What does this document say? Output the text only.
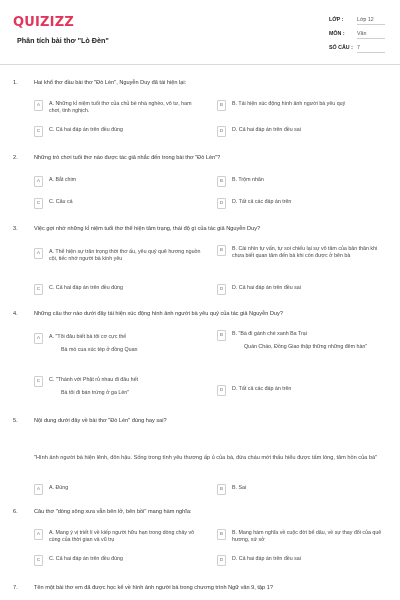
QUIZIZZ
Phân tích bài thơ "Lò Đèn"
LỚP :	Lớp 12
MÔN : Văn
SỐ CÂU : 7
1.	Hai khổ thơ đầu bài thơ "Đò Lèn", Nguyễn Duy đã tái hiện lại:
A	A. Những kỉ niệm tuổi thơ của chủ bè nhà nghèo, vô tư, ham chơi, tinh nghịch.
B	B. Tái hiện xúc động hình ảnh người bà yêu quý
C	C. Cả hai đáp án trên đều đúng	D	D. Cả hai đáp án trên đều sai
2.	Những trò chơi tuổi thơ nào được tác giả nhắc đến trong bài thơ "Đò Lèn"?
A	A. Bắt chim	B	B. Trộm nhãn
C	C. Câu cá	D	D. Tất cả các đáp án trên
3.	Việc gợi nhớ những kỉ niệm tuổi thơ thể hiện tâm trạng, thái độ gì của tác giả Nguyễn Duy?
A	A. Thể hiện sự trân trọng thời thơ ấu, yêu quý quê hương nguồn cội, tiếc nhớ người bà kính yêu
B	B. Cái nhìn tự vấn, tự soi chiếu lại sự vô tâm của bản thân khi chưa biết quan tâm đến bà khi còn được ở bên bà
C	C. Cả hai đáp án trên đều đúng	D	D. Cả hai đáp án trên đều sai
4.	Những câu thơ nào dưới đây tái hiện xúc động hình ảnh người bà yêu quý của tác giả Nguyễn Duy?
A	A. "Tôi đâu biết bà tôi cơ cực thế
Bà mò cua xúc tép ở đồng Quan
B	B. "Bà đi gánh chè xanh Ba Trại
Quán Cháo, Đồng Giao thập thững những đêm hàn"
C	C. "Thánh với Phật rủ nhau đi đâu hết
Bà tôi đi bán trứng ở ga Lèn"	D	D. Tất cả các đáp án trên
5.	Nội dung dưới đây về bài thơ "Đò Lèn" đúng hay sai?
"Hình ảnh người bà hiện lênh, đôn hậu. Sống trong tình yêu thương ấp ủ của bà, đứa cháu mới thấu hiểu được tấm lòng, tâm hồn của bà"
A	A. Đúng	B	B. Sai
6.	Câu thơ "dòng sông xưa vẫn bên lở, bên bồi" mang hàm nghĩa:
A	A. Mang ý vị triết lí về kiếp người hữu hạn trong dòng chảy vô cùng của thời gian và vũ trụ
B	B. Mang hàm nghĩa về cuộc đời bể dâu, về sự thay đổi của quê hương, xứ sở
C	C. Cả hai đáp án trên đều đúng	D	D. Cả hai đáp án trên đều sai
7.	Tên một bài thơ em đã được học kể về hình ảnh người bà trong chương trình Ngữ văn 9, tập 1?
